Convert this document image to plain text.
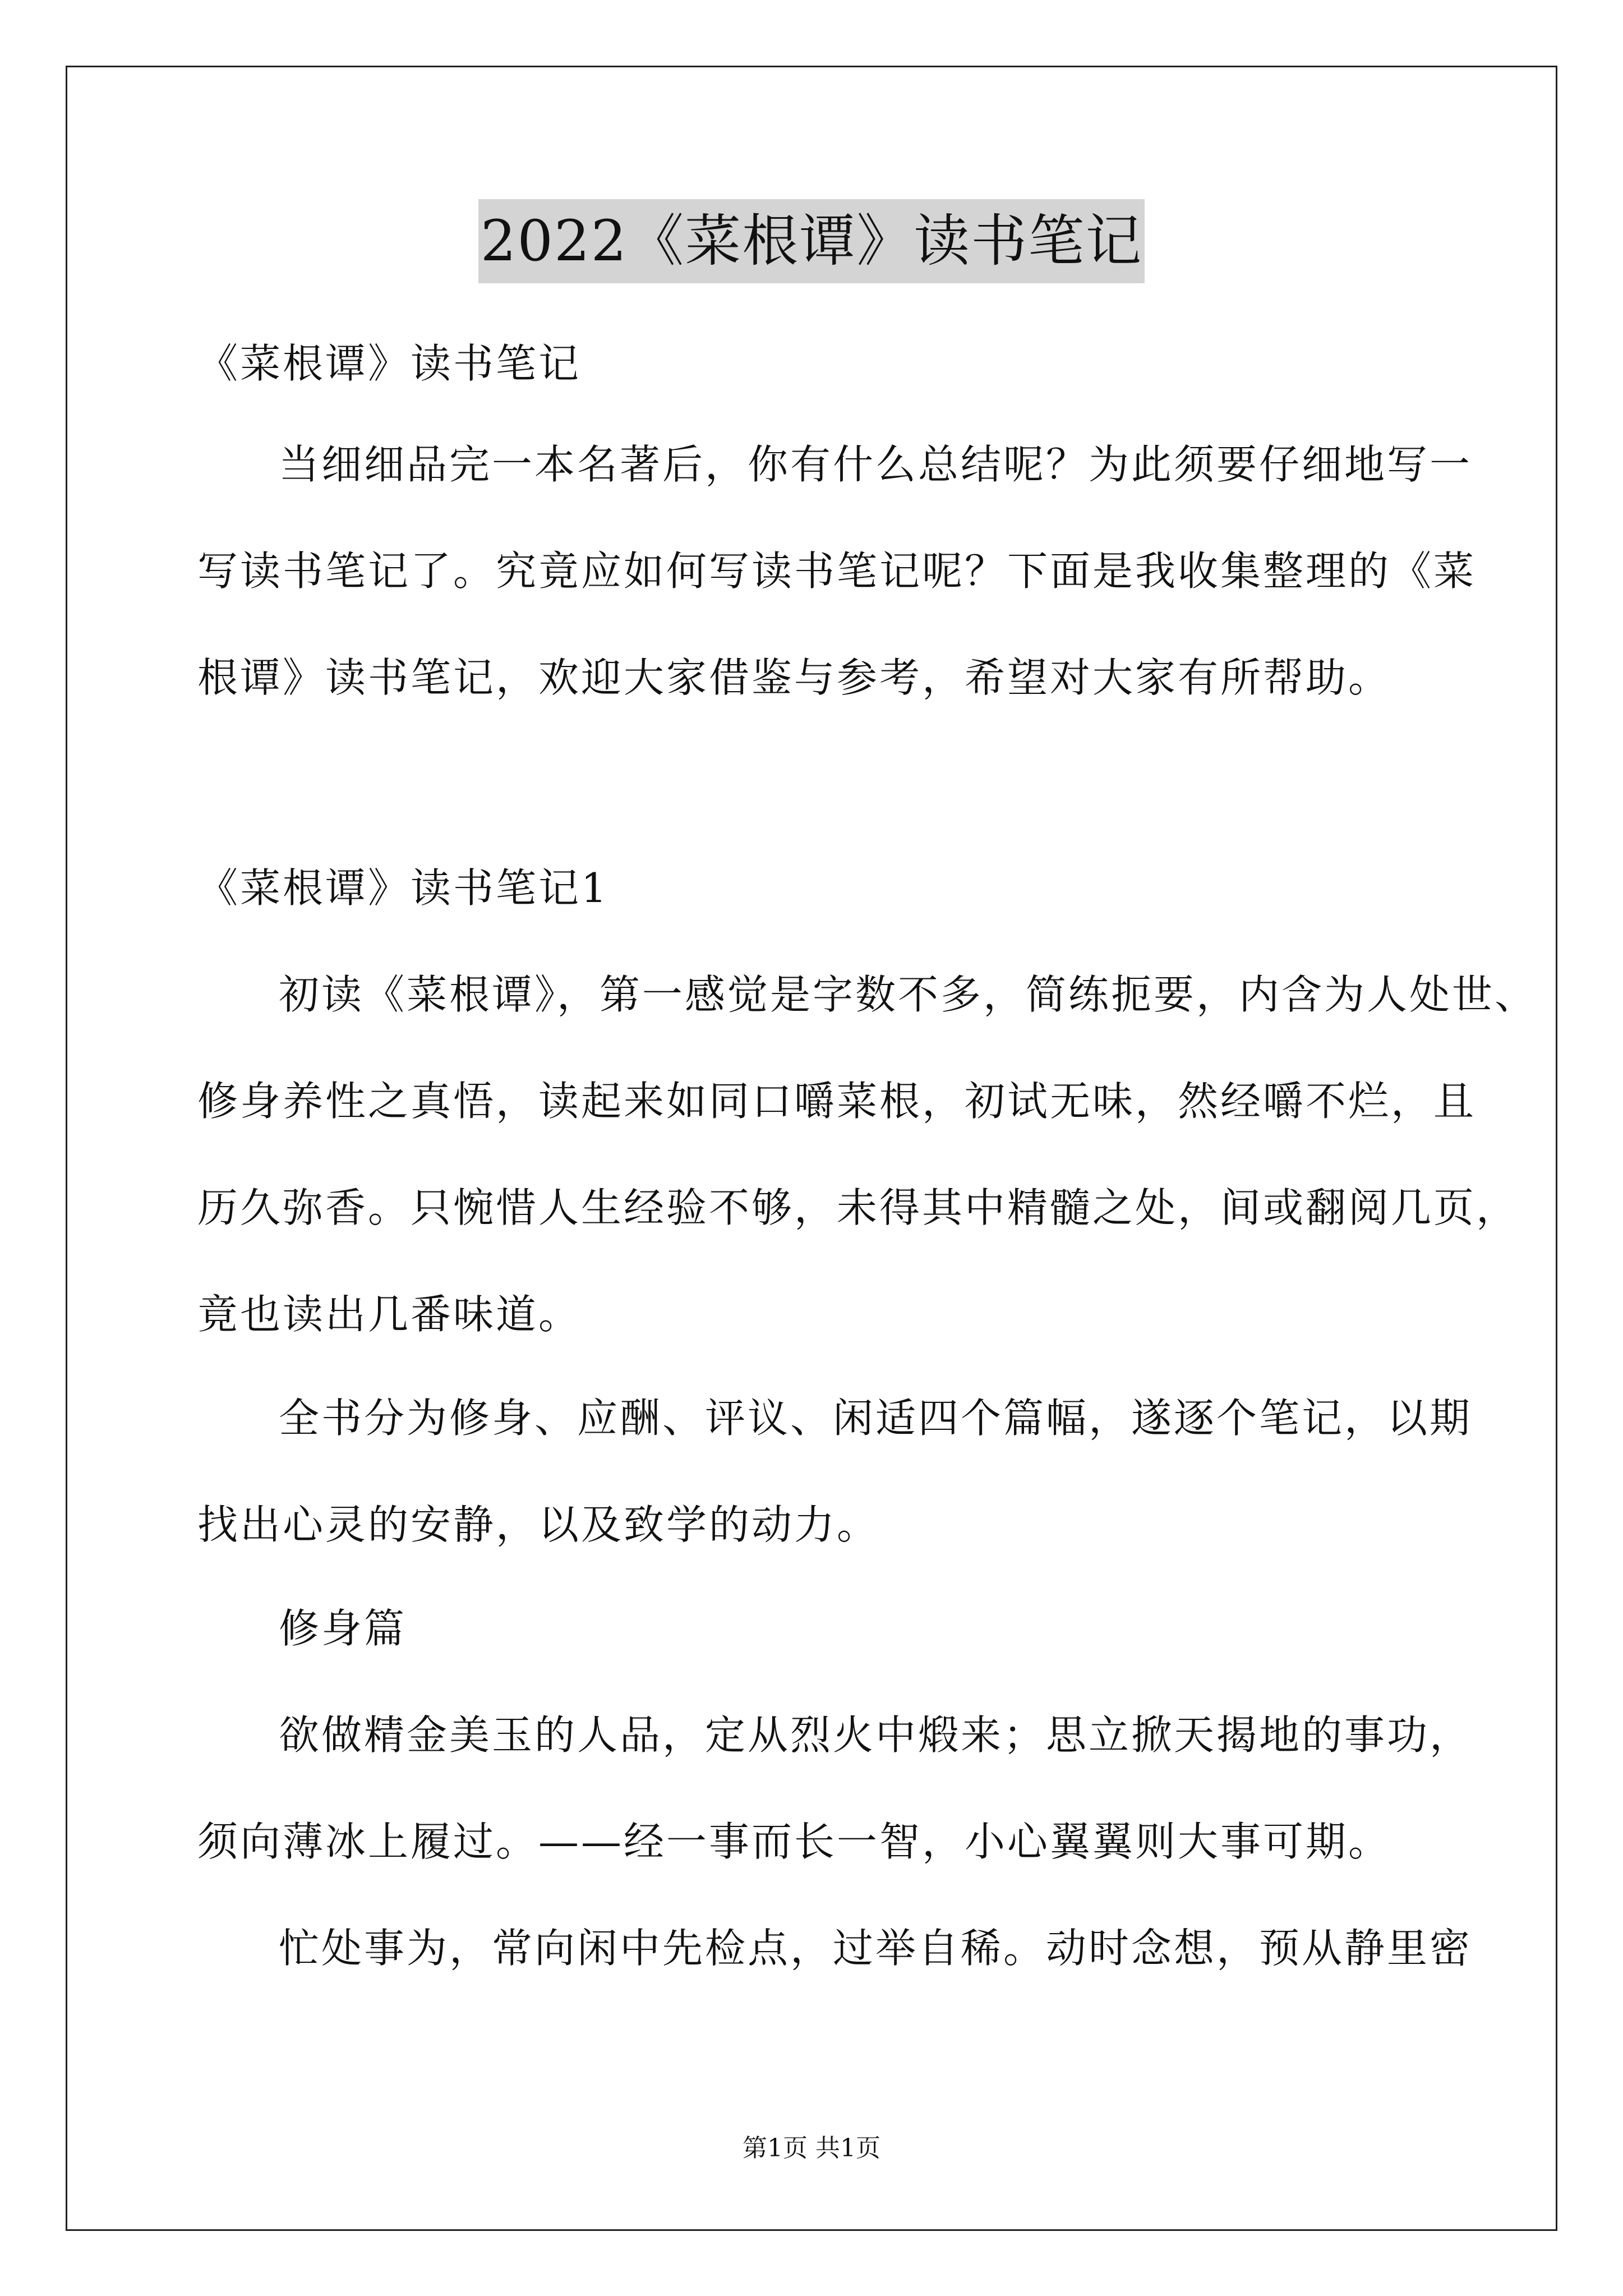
2022《菜根谭》读书笔记

《菜根谭》读书笔记

当细细品完一本名著后，你有什么总结呢？为此须要仔细地写一

写读书笔记了。究竟应如何写读书笔记呢？下面是我收集整理的《菜

根谭》读书笔记，欢迎大家借鉴与参考，希望对大家有所帮助。

《菜根谭》读书笔记1

初读《菜根谭》，第一感觉是字数不多，简练扼要，内含为人处世、

修身养性之真悟，读起来如同口嚼菜根，初试无味，然经嚼不烂，且

历久弥香。只惋惜人生经验不够，未得其中精髓之处，间或翻阅几页，

竟也读出几番味道。

全书分为修身、应酬、评议、闲适四个篇幅，遂逐个笔记，以期

找出心灵的安静，以及致学的动力。

修身篇

欲做精金美玉的人品，定从烈火中煅来；思立掀天揭地的事功，

须向薄冰上履过。——经一事而长一智，小心翼翼则大事可期。

忙处事为，常向闲中先检点，过举自稀。动时念想，预从静里密

第1页 共1页
